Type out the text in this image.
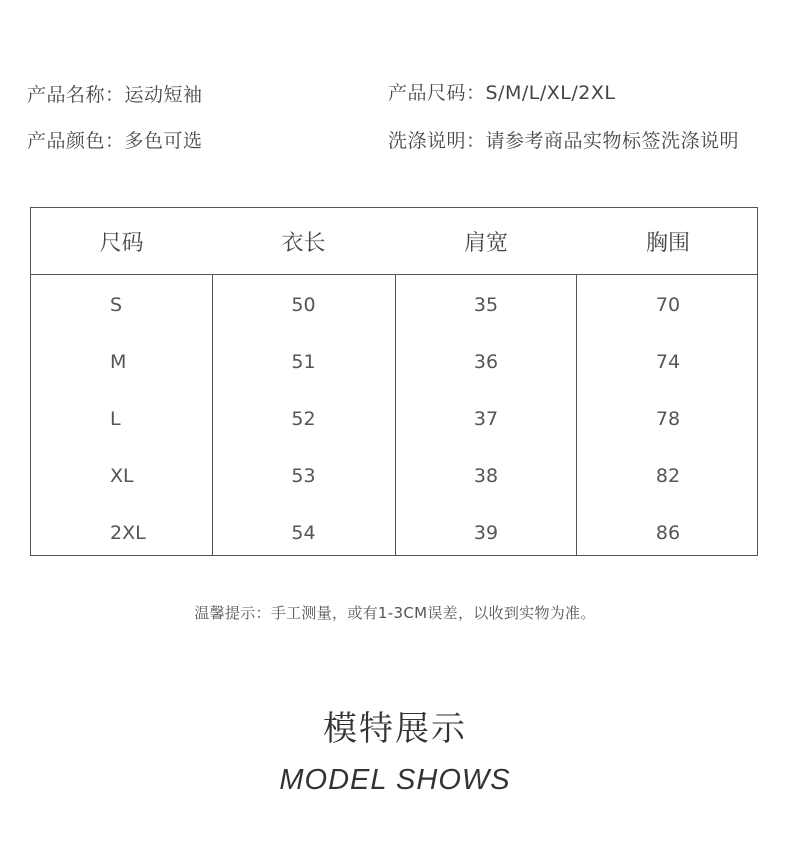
产品名称：运动短袖	产品尺码：S/M/L/XL/2XL
产品颜色：多色可选	洗涤说明：请参考商品实物标签洗涤说明
尺码	衣长	肩宽	胸围
S	50	35	70
M	51	36	74
L	52	37	78
XL	53	38	82
2XL	54	39	86
温馨提示：手工测量，或有1-3CM误差，以收到实物为准。
模特展示
MODEL SHOWS
